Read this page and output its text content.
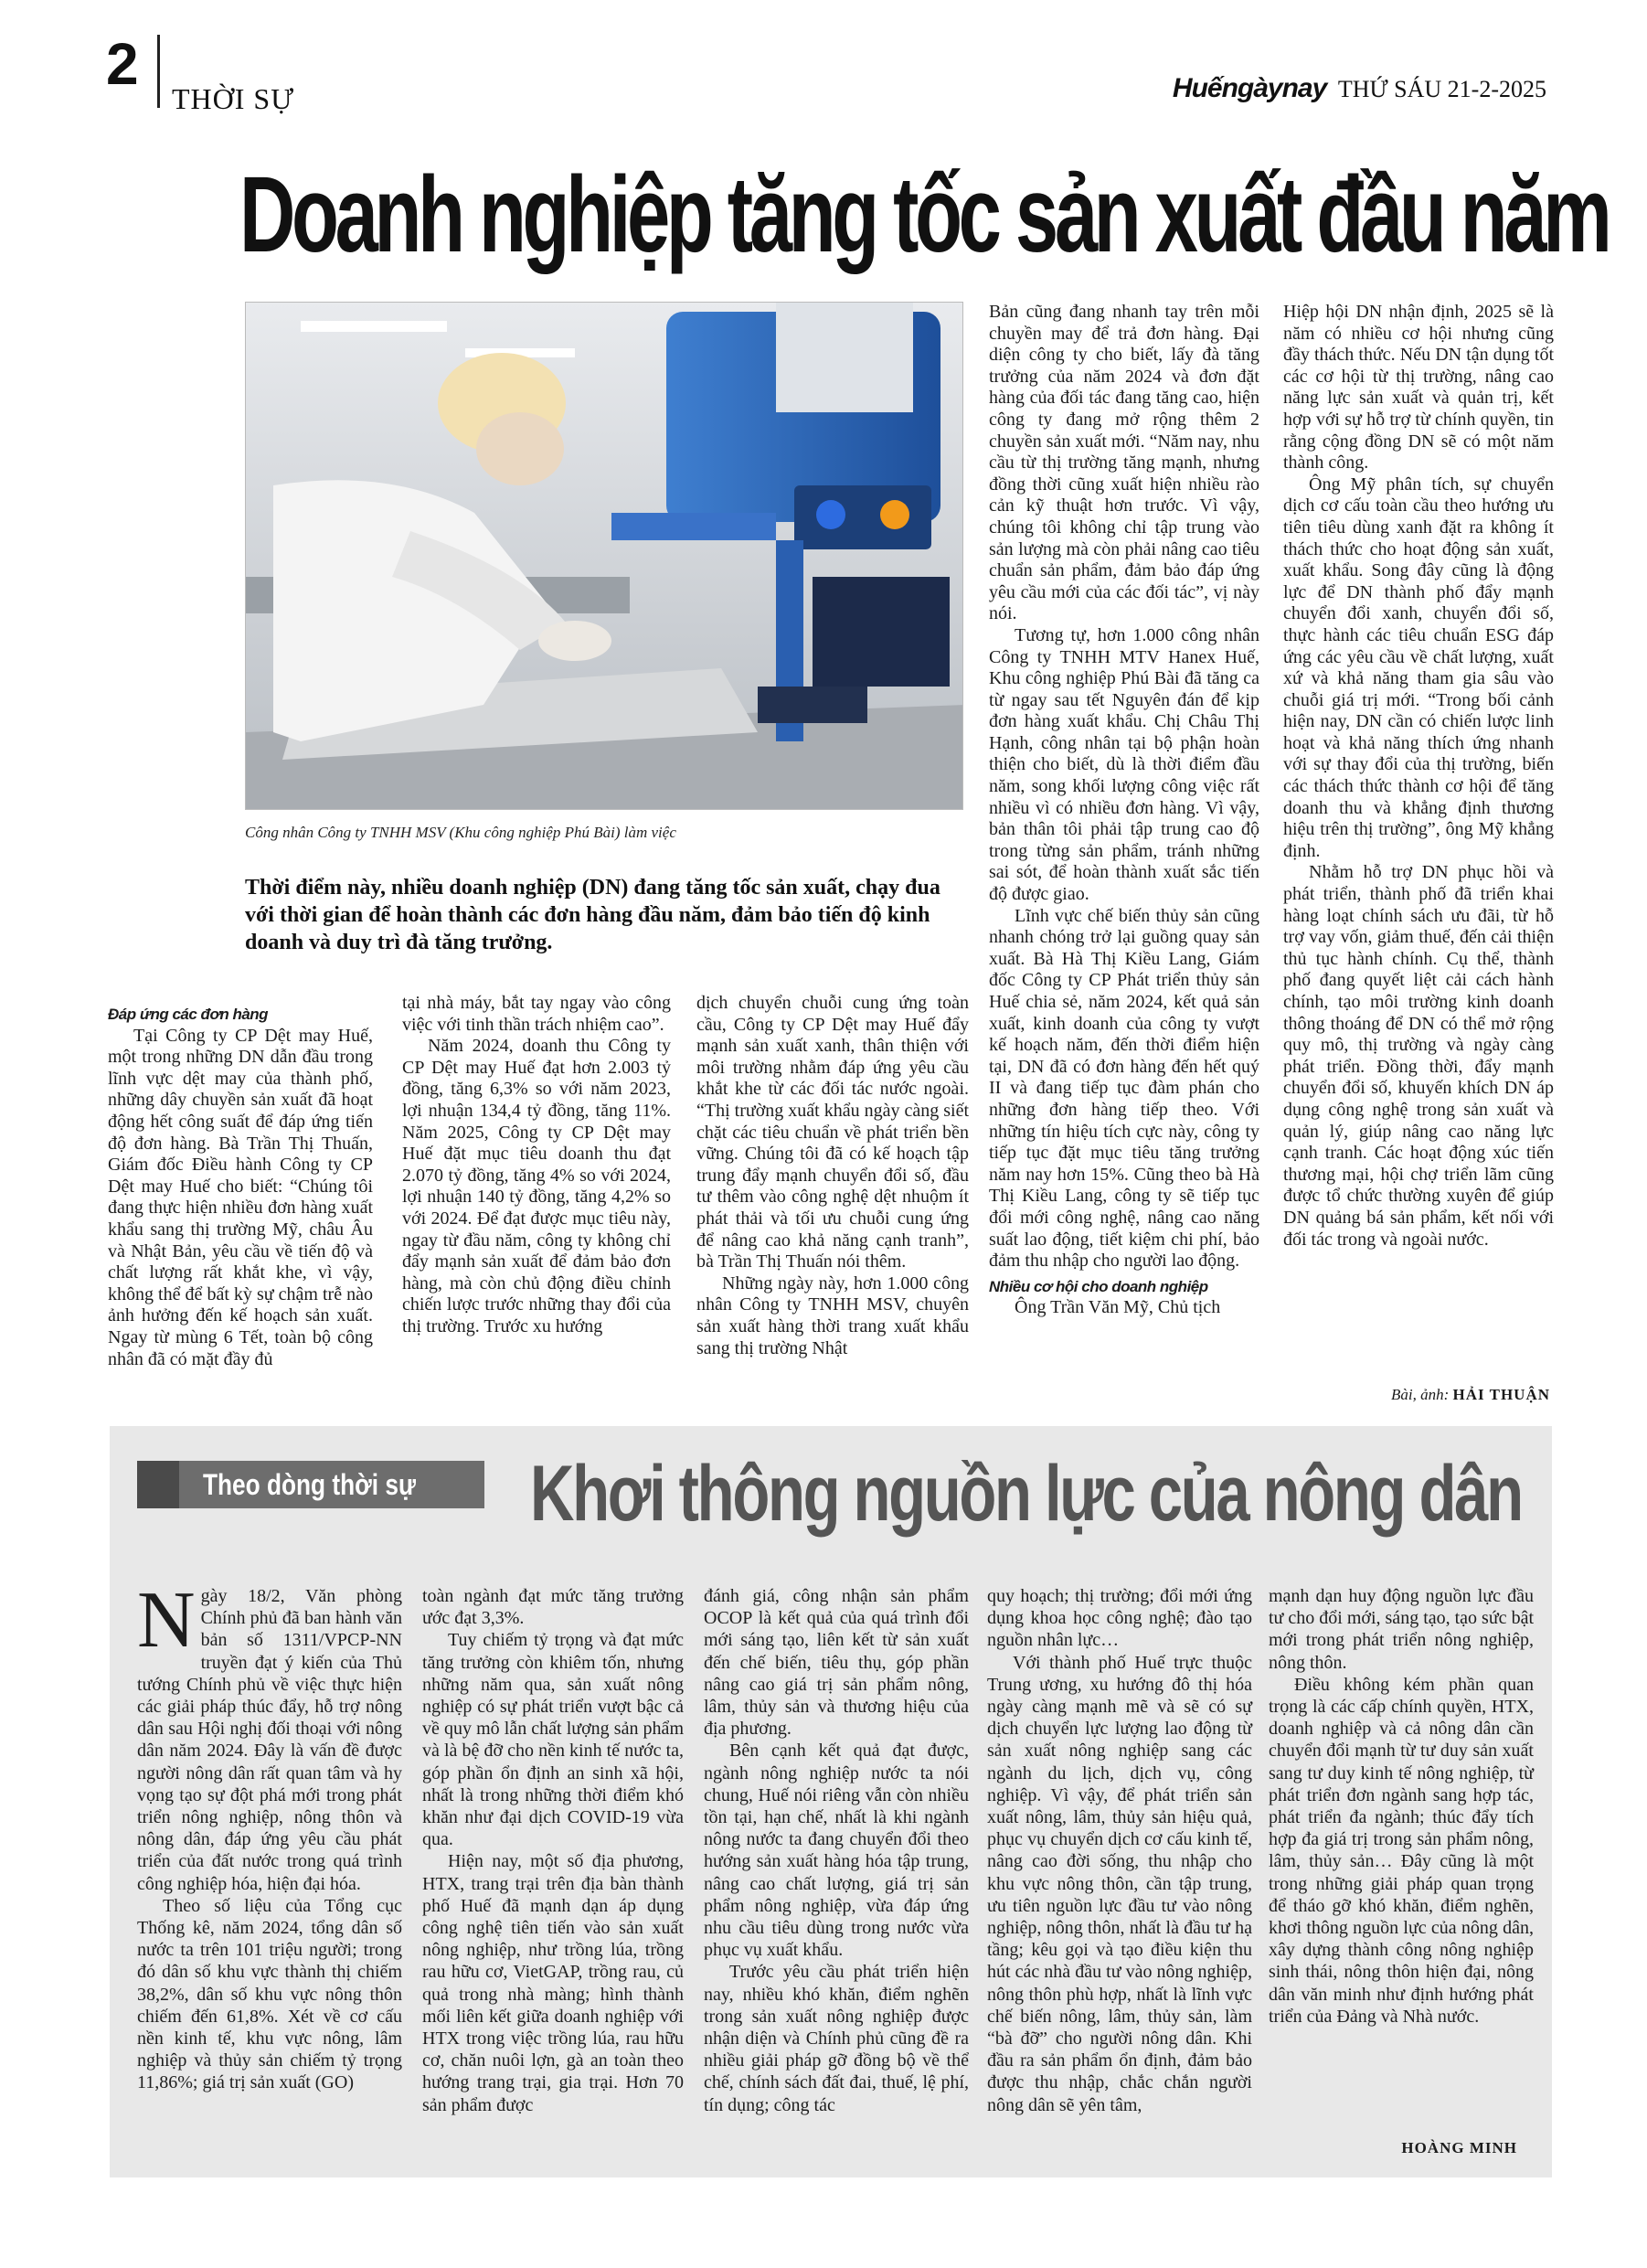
2
THỜI SỰ	Huếngàynay THỨ SÁU 21-2-2025
Doanh nghiệp tăng tốc sản xuất đầu năm
Công nhân Công ty TNHH MSV (Khu công nghiệp Phú Bài) làm việc
Thời điểm này, nhiều doanh nghiệp (DN) đang tăng tốc sản xuất, chạy đua với thời gian để hoàn thành các đơn hàng đầu năm, đảm bảo tiến độ kinh doanh và duy trì đà tăng trưởng.

Đáp ứng các đơn hàng

Tại Công ty CP Dệt may Huế, một trong những DN dẫn đầu trong lĩnh vực dệt may của thành phố, những dây chuyền sản xuất đã hoạt động hết công suất để đáp ứng tiến độ đơn hàng. Bà Trần Thị Thuấn, Giám đốc Điều hành Công ty CP Dệt may Huế cho biết: “Chúng tôi đang thực hiện nhiều đơn hàng xuất khẩu sang thị trường Mỹ, châu Âu và Nhật Bản, yêu cầu về tiến độ và chất lượng rất khắt khe, vì vậy, không thể để bất kỳ sự chậm trễ nào ảnh hưởng đến kế hoạch sản xuất. Ngay từ mùng 6 Tết, toàn bộ công nhân đã có mặt đầy đủ

tại nhà máy, bắt tay ngay vào công việc với tinh thần trách nhiệm cao”.

Năm 2024, doanh thu Công ty CP Dệt may Huế đạt hơn 2.003 tỷ đồng, tăng 6,3% so với năm 2023, lợi nhuận 134,4 tỷ đồng, tăng 11%. Năm 2025, Công ty CP Dệt may Huế đặt mục tiêu doanh thu đạt 2.070 tỷ đồng, tăng 4% so với 2024, lợi nhuận 140 tỷ đồng, tăng 4,2% so với 2024. Để đạt được mục tiêu này, ngay từ đầu năm, công ty không chỉ đẩy mạnh sản xuất để đảm bảo đơn hàng, mà còn chủ động điều chỉnh chiến lược trước những thay đổi của thị trường. Trước xu hướng

dịch chuyển chuỗi cung ứng toàn cầu, Công ty CP Dệt may Huế đẩy mạnh sản xuất xanh, thân thiện với môi trường nhằm đáp ứng yêu cầu khắt khe từ các đối tác nước ngoài. “Thị trường xuất khẩu ngày càng siết chặt các tiêu chuẩn về phát triển bền vững. Chúng tôi đã có kế hoạch tập trung đẩy mạnh chuyển đổi số, đầu tư thêm vào công nghệ dệt nhuộm ít phát thải và tối ưu chuỗi cung ứng để nâng cao khả năng cạnh tranh”, bà Trần Thị Thuấn nói thêm.

Những ngày này, hơn 1.000 công nhân Công ty TNHH MSV, chuyên sản xuất hàng thời trang xuất khẩu sang thị trường Nhật

Bản cũng đang nhanh tay trên mỗi chuyền may để trả đơn hàng. Đại diện công ty cho biết, lấy đà tăng trưởng của năm 2024 và đơn đặt hàng của đối tác đang tăng cao, hiện công ty đang mở rộng thêm 2 chuyền sản xuất mới. “Năm nay, nhu cầu từ thị trường tăng mạnh, nhưng đồng thời cũng xuất hiện nhiều rào cản kỹ thuật hơn trước. Vì vậy, chúng tôi không chỉ tập trung vào sản lượng mà còn phải nâng cao tiêu chuẩn sản phẩm, đảm bảo đáp ứng yêu cầu mới của các đối tác”, vị này nói.

Tương tự, hơn 1.000 công nhân Công ty TNHH MTV Hanex Huế, Khu công nghiệp Phú Bài đã tăng ca từ ngay sau tết Nguyên đán để kịp đơn hàng xuất khẩu. Chị Châu Thị Hạnh, công nhân tại bộ phận hoàn thiện cho biết, dù là thời điểm đầu năm, song khối lượng công việc rất nhiều vì có nhiều đơn hàng. Vì vậy, bản thân tôi phải tập trung cao độ trong từng sản phẩm, tránh những sai sót, để hoàn thành xuất sắc tiến độ được giao.

Lĩnh vực chế biến thủy sản cũng nhanh chóng trở lại guồng quay sản xuất. Bà Hà Thị Kiều Lang, Giám đốc Công ty CP Phát triển thủy sản Huế chia sẻ, năm 2024, kết quả sản xuất, kinh doanh của công ty vượt kế hoạch năm, đến thời điểm hiện tại, DN đã có đơn hàng đến hết quý II và đang tiếp tục đàm phán cho những đơn hàng tiếp theo. Với những tín hiệu tích cực này, công ty tiếp tục đặt mục tiêu tăng trưởng năm nay hơn 15%. Cũng theo bà Hà Thị Kiều Lang, công ty sẽ tiếp tục đổi mới công nghệ, nâng cao năng suất lao động, tiết kiệm chi phí, bảo đảm thu nhập cho người lao động.

Nhiều cơ hội cho doanh nghiệp

Ông Trần Văn Mỹ, Chủ tịch

Hiệp hội DN nhận định, 2025 sẽ là năm có nhiều cơ hội nhưng cũng đầy thách thức. Nếu DN tận dụng tốt các cơ hội từ thị trường, nâng cao năng lực sản xuất và quản trị, kết hợp với sự hỗ trợ từ chính quyền, tin rằng cộng đồng DN sẽ có một năm thành công.

Ông Mỹ phân tích, sự chuyển dịch cơ cấu toàn cầu theo hướng ưu tiên tiêu dùng xanh đặt ra không ít thách thức cho hoạt động sản xuất, xuất khẩu. Song đây cũng là động lực để DN thành phố đẩy mạnh chuyển đổi xanh, chuyển đổi số, thực hành các tiêu chuẩn ESG đáp ứng các yêu cầu về chất lượng, xuất xứ và khả năng tham gia sâu vào chuỗi giá trị mới. “Trong bối cảnh hiện nay, DN cần có chiến lược linh hoạt và khả năng thích ứng nhanh với sự thay đổi của thị trường, biến các thách thức thành cơ hội để tăng doanh thu và khẳng định thương hiệu trên thị trường”, ông Mỹ khẳng định.

Nhằm hỗ trợ DN phục hồi và phát triển, thành phố đã triển khai hàng loạt chính sách ưu đãi, từ hỗ trợ vay vốn, giảm thuế, đến cải thiện thủ tục hành chính. Cụ thể, thành phố đang quyết liệt cải cách hành chính, tạo môi trường kinh doanh thông thoáng để DN có thể mở rộng quy mô, thị trường và ngày càng phát triển. Đồng thời, đẩy mạnh chuyển đổi số, khuyến khích DN áp dụng công nghệ trong sản xuất và quản lý, giúp nâng cao năng lực cạnh tranh. Các hoạt động xúc tiến thương mại, hội chợ triển lãm cũng được tổ chức thường xuyên để giúp DN quảng bá sản phẩm, kết nối với đối tác trong và ngoài nước.

Bài, ảnh: HẢI THUẬN
Theo dòng thời sự Khơi thông nguồn lực của nông dân

Ngày 18/2, Văn phòng Chính phủ đã ban hành văn bản số 1311/VPCP-NN truyền đạt ý kiến của Thủ tướng Chính phủ về việc thực hiện các giải pháp thúc đẩy, hỗ trợ nông dân sau Hội nghị đối thoại với nông dân năm 2024. Đây là vấn đề được người nông dân rất quan tâm và hy vọng tạo sự đột phá mới trong phát triển nông nghiệp, nông thôn và nông dân, đáp ứng yêu cầu phát triển của đất nước trong quá trình công nghiệp hóa, hiện đại hóa.

Theo số liệu của Tổng cục Thống kê, năm 2024, tổng dân số nước ta trên 101 triệu người; trong đó dân số khu vực thành thị chiếm 38,2%, dân số khu vực nông thôn chiếm đến 61,8%. Xét về cơ cấu nền kinh tế, khu vực nông, lâm nghiệp và thủy sản chiếm tỷ trọng 11,86%; giá trị sản xuất (GO)

toàn ngành đạt mức tăng trưởng ước đạt 3,3%.

Tuy chiếm tỷ trọng và đạt mức tăng trưởng còn khiêm tốn, nhưng những năm qua, sản xuất nông nghiệp có sự phát triển vượt bậc cả về quy mô lẫn chất lượng sản phẩm và là bệ đỡ cho nền kinh tế nước ta, góp phần ổn định an sinh xã hội, nhất là trong những thời điểm khó khăn như đại dịch COVID-19 vừa qua.

Hiện nay, một số địa phương, HTX, trang trại trên địa bàn thành phố Huế đã mạnh dạn áp dụng công nghệ tiên tiến vào sản xuất nông nghiệp, như trồng lúa, trồng rau hữu cơ, VietGAP, trồng rau, củ quả trong nhà màng; hình thành mối liên kết giữa doanh nghiệp với HTX trong việc trồng lúa, rau hữu cơ, chăn nuôi lợn, gà an toàn theo hướng trang trại, gia trại. Hơn 70 sản phẩm được

đánh giá, công nhận sản phẩm OCOP là kết quả của quá trình đổi mới sáng tạo, liên kết từ sản xuất đến chế biến, tiêu thụ, góp phần nâng cao giá trị sản phẩm nông, lâm, thủy sản và thương hiệu của địa phương.

Bên cạnh kết quả đạt được, ngành nông nghiệp nước ta nói chung, Huế nói riêng vẫn còn nhiều tồn tại, hạn chế, nhất là khi ngành nông nước ta đang chuyển đổi theo hướng sản xuất hàng hóa tập trung, nâng cao chất lượng, giá trị sản phẩm nông nghiệp, vừa đáp ứng nhu cầu tiêu dùng trong nước vừa phục vụ xuất khẩu.

Trước yêu cầu phát triển hiện nay, nhiều khó khăn, điểm nghẽn trong sản xuất nông nghiệp được nhận diện và Chính phủ cũng đề ra nhiều giải pháp gỡ đồng bộ về thể chế, chính sách đất đai, thuế, lệ phí, tín dụng; công tác

quy hoạch; thị trường; đổi mới ứng dụng khoa học công nghệ; đào tạo nguồn nhân lực…

Với thành phố Huế trực thuộc Trung ương, xu hướng đô thị hóa ngày càng mạnh mẽ và sẽ có sự dịch chuyển lực lượng lao động từ sản xuất nông nghiệp sang các ngành du lịch, dịch vụ, công nghiệp. Vì vậy, để phát triển sản xuất nông, lâm, thủy sản hiệu quả, phục vụ chuyển dịch cơ cấu kinh tế, nâng cao đời sống, thu nhập cho khu vực nông thôn, cần tập trung, ưu tiên nguồn lực đầu tư vào nông nghiệp, nông thôn, nhất là đầu tư hạ tầng; kêu gọi và tạo điều kiện thu hút các nhà đầu tư vào nông nghiệp, nông thôn phù hợp, nhất là lĩnh vực chế biến nông, lâm, thủy sản, làm “bà đỡ” cho người nông dân. Khi đầu ra sản phẩm ổn định, đảm bảo được thu nhập, chắc chắn người nông dân sẽ yên tâm,

mạnh dạn huy động nguồn lực đầu tư cho đổi mới, sáng tạo, tạo sức bật mới trong phát triển nông nghiệp, nông thôn.

Điều không kém phần quan trọng là các cấp chính quyền, HTX, doanh nghiệp và cả nông dân cần chuyển đổi mạnh từ tư duy sản xuất sang tư duy kinh tế nông nghiệp, từ phát triển đơn ngành sang hợp tác, phát triển đa ngành; thúc đẩy tích hợp đa giá trị trong sản phẩm nông, lâm, thủy sản… Đây cũng là một trong những giải pháp quan trọng để tháo gỡ khó khăn, điểm nghẽn, khơi thông nguồn lực của nông dân, xây dựng thành công nông nghiệp sinh thái, nông thôn hiện đại, nông dân văn minh như định hướng phát triển của Đảng và Nhà nước.

HOÀNG MINH
